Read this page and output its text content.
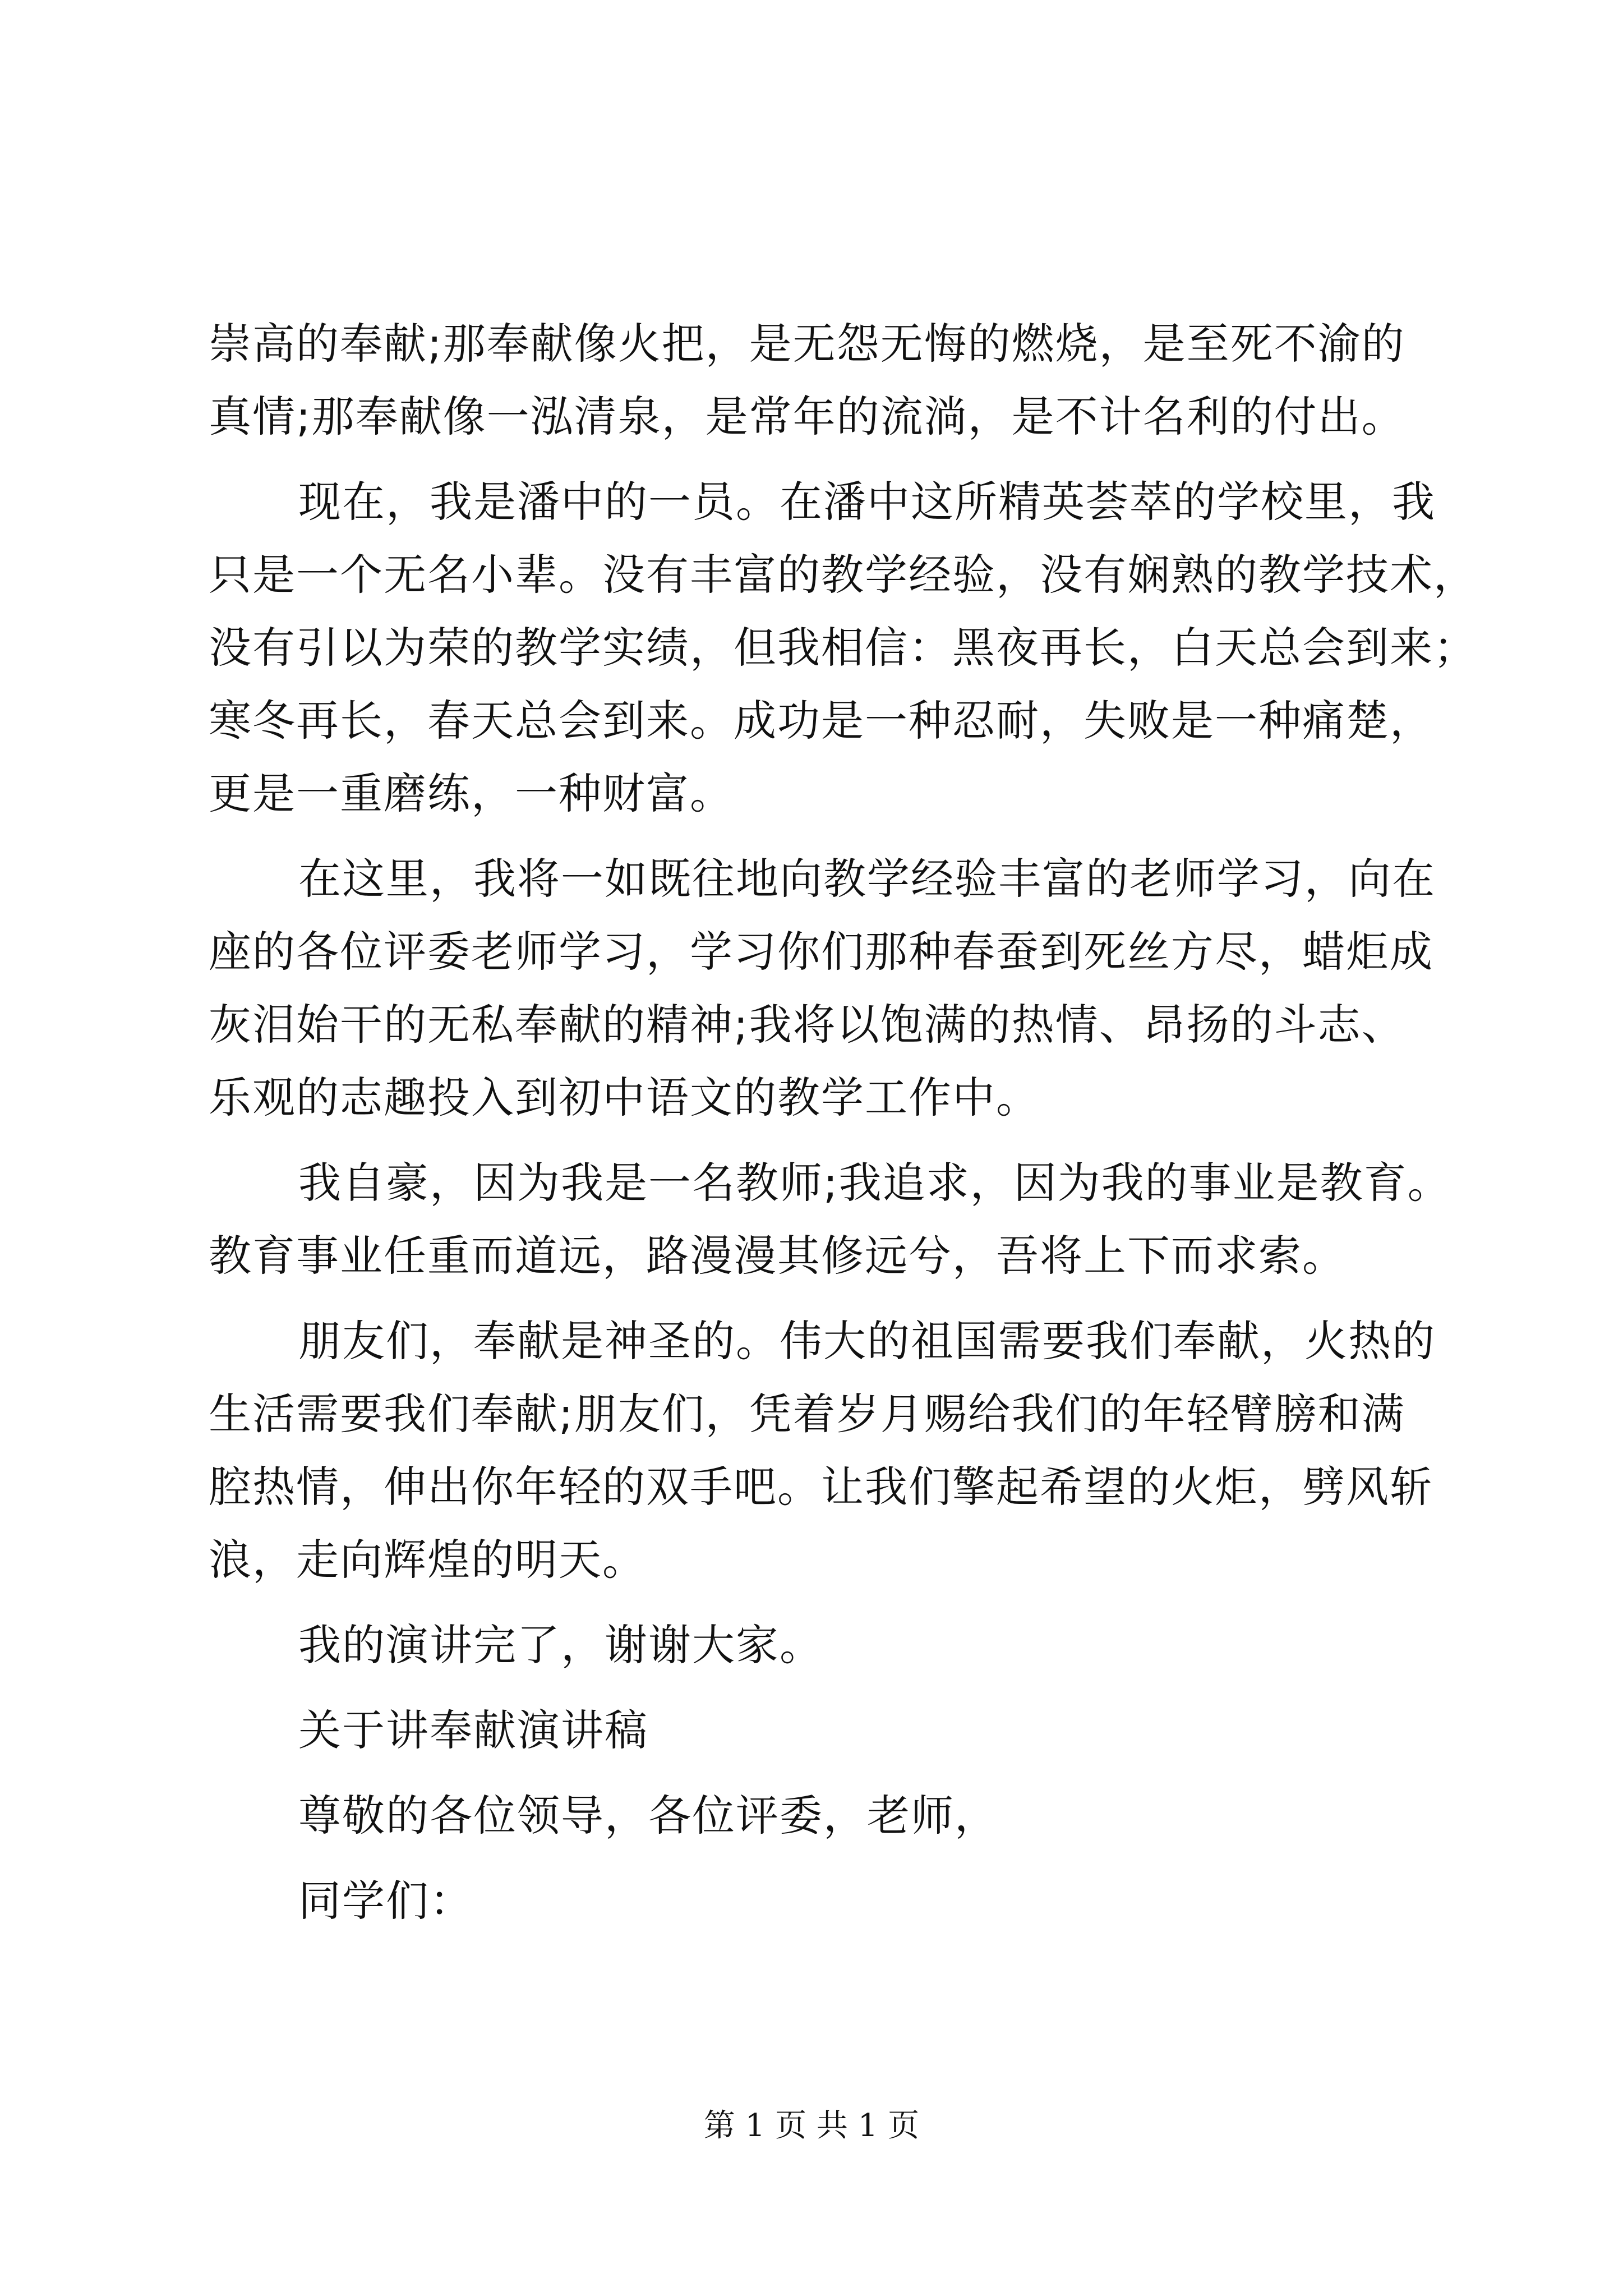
崇高的奉献;那奉献像火把，是无怨无悔的燃烧，是至死不渝的
真情;那奉献像一泓清泉，是常年的流淌，是不计名利的付出。
现在，我是潘中的一员。在潘中这所精英荟萃的学校里，我
只是一个无名小辈。没有丰富的教学经验，没有娴熟的教学技术，
没有引以为荣的教学实绩，但我相信：黑夜再长，白天总会到来；
寒冬再长，春天总会到来。成功是一种忍耐，失败是一种痛楚，
更是一重磨练，一种财富。
在这里，我将一如既往地向教学经验丰富的老师学习，向在
座的各位评委老师学习，学习你们那种春蚕到死丝方尽，蜡炬成
灰泪始干的无私奉献的精神;我将以饱满的热情、昂扬的斗志、
乐观的志趣投入到初中语文的教学工作中。
我自豪，因为我是一名教师;我追求，因为我的事业是教育。
教育事业任重而道远，路漫漫其修远兮，吾将上下而求索。
朋友们，奉献是神圣的。伟大的祖国需要我们奉献，火热的
生活需要我们奉献;朋友们，凭着岁月赐给我们的年轻臂膀和满
腔热情，伸出你年轻的双手吧。让我们擎起希望的火炬，劈风斩
浪，走向辉煌的明天。
我的演讲完了，谢谢大家。
关于讲奉献演讲稿
尊敬的各位领导，各位评委，老师，
同学们：
第 1 页 共 1 页
